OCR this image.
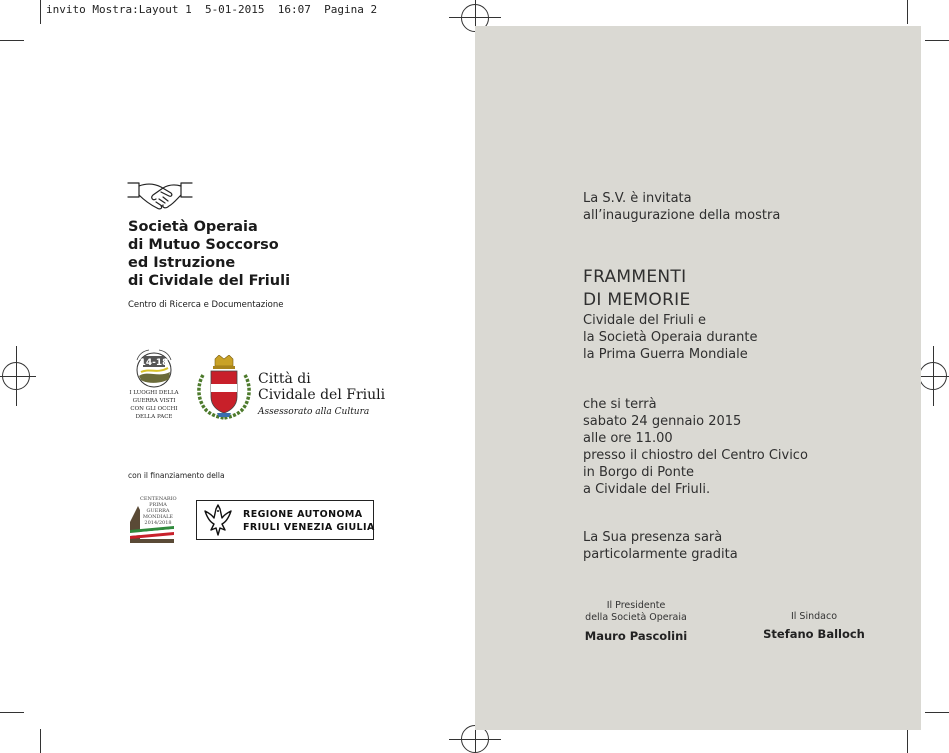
invito Mostra:Layout 1  5-01-2015  16:07  Pagina 2
Società Operaia
di Mutuo Soccorso
ed Istruzione
di Cividale del Friuli
Centro di Ricerca e Documentazione
14-18
I LUOGHI DELLA
GUERRA VISTI
CON GLI OCCHI
DELLA PACE
Città di
Cividale del Friuli
Assessorato alla Cultura
con il finanziamento della
CENTENARIO
PRIMA GUERRA
MONDIALE
2014/2018
REGIONE AUTONOMA
FRIULI VENEZIA GIULIA
La S.V. è invitata
all’inaugurazione della mostra
FRAMMENTI
DI MEMORIE
Cividale del Friuli e
la Società Operaia durante
la Prima Guerra Mondiale
che si terrà
sabato 24 gennaio 2015
alle ore 11.00
presso il chiostro del Centro Civico
in Borgo di Ponte
a Cividale del Friuli.
La Sua presenza sarà
particolarmente gradita
Il Presidente
della Società Operaia
Mauro Pascolini
Il Sindaco
Stefano Balloch
